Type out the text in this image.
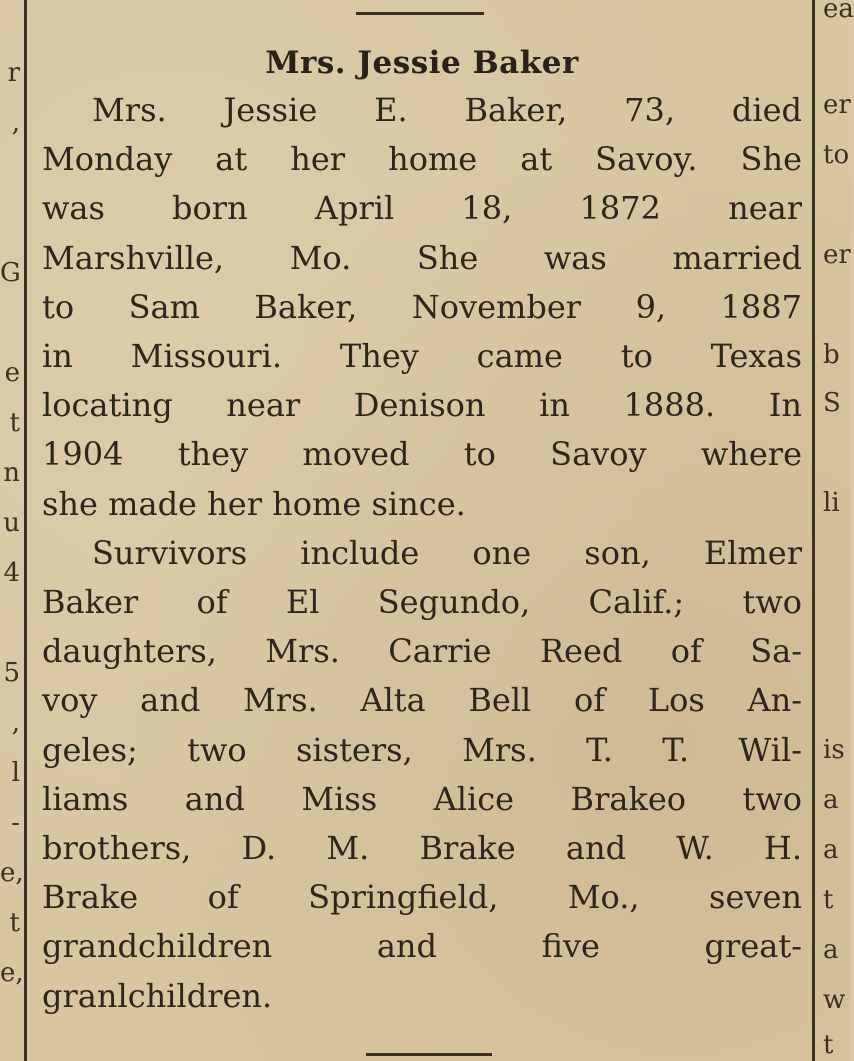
r
,
G
e
t
n
u
4
5
,
l
-
e,
t
e,
ea
er
to
er
b
S
li
is
a
a
t
a
w
t
Mrs. Jessie Baker

Mrs. Jessie E. Baker, 73, died
Monday at her home at Savoy. She
was born April 18, 1872 near
Marshville, Mo. She was married
to Sam Baker, November 9, 1887
in Missouri. They came to Texas
locating near Denison in 1888. In
1904 they moved to Savoy where
she made her home since.

Survivors include one son, Elmer
Baker of El Segundo, Calif.; two
daughters, Mrs. Carrie Reed of Sa-
voy and Mrs. Alta Bell of Los An-
geles; two sisters, Mrs. T. T. Wil-
liams and Miss Alice Brakeo two
brothers, D. M. Brake and W. H.
Brake of Springfield, Mo., seven
grandchildren and five great-
granlchildren.
